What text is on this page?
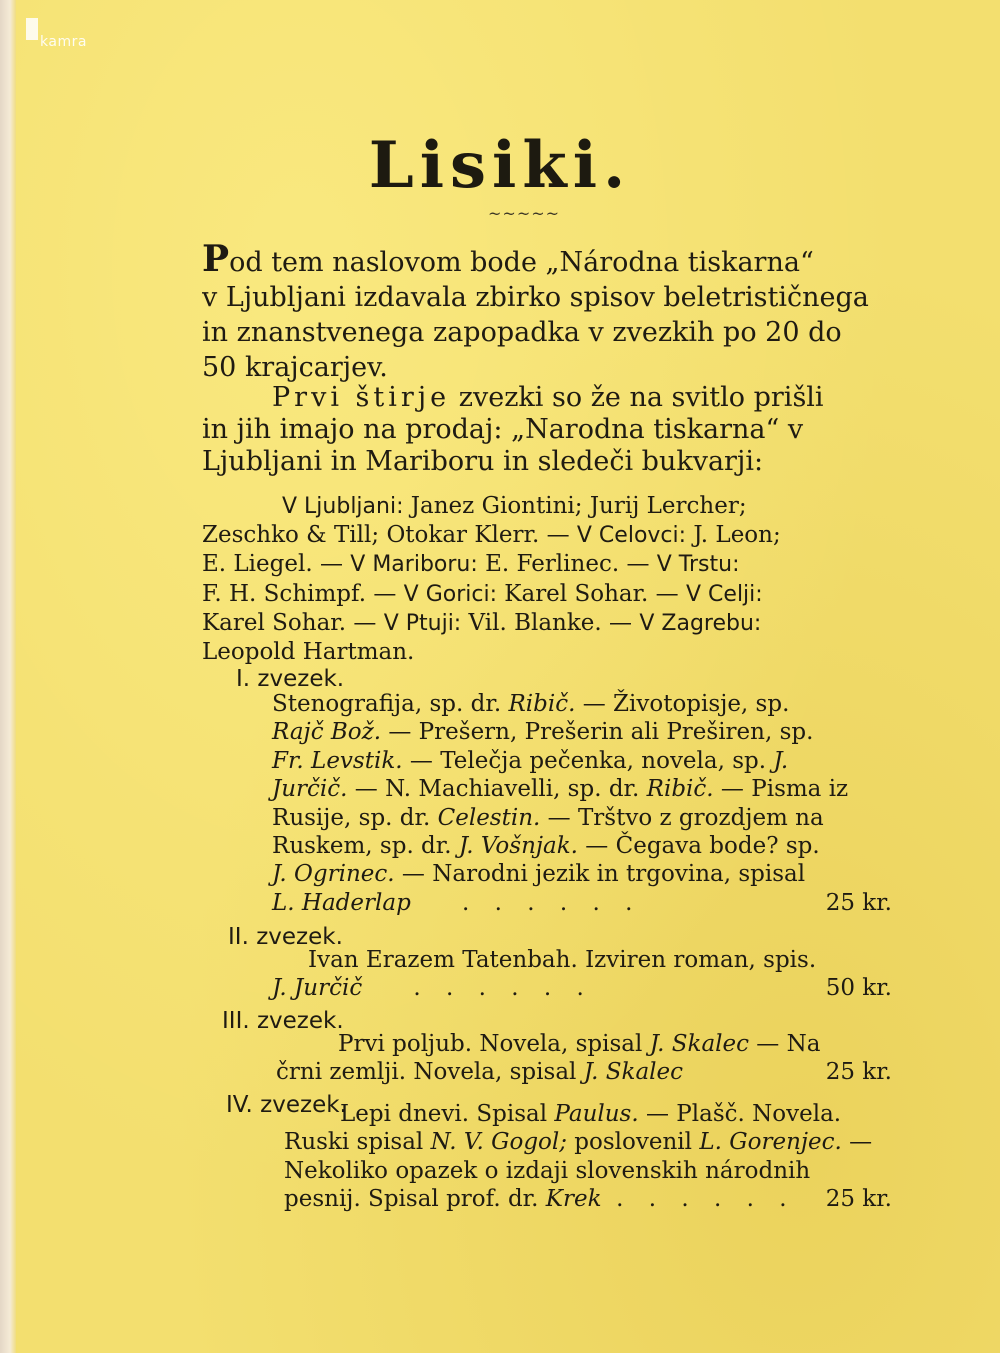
kamra
Lisiki.
~~~~~
Pod tem naslovom bode „Národna tiskarna“
v Ljubljani izdavala zbirko spisov beletrističnega
in znanstvenega zapopadka v zvezkih po 20 do
50 krajcarjev.
Prvi štirje zvezki so že na svitlo prišli
in jih imajo na prodaj: „Narodna tiskarna“ v
Ljubljani in Mariboru in sledeči bukvarji:
V Ljubljani: Janez Giontini; Jurij Lercher;
Zeschko & Till; Otokar Klerr. — V Celovci: J. Leon;
E. Liegel. — V Mariboru: E. Ferlinec. — V Trstu:
F. H. Schimpf. — V Gorici: Karel Sohar. — V Celji:
Karel Sohar. — V Ptuji: Vil. Blanke. — V Zagrebu:
Leopold Hartman.
I. zvezek.
Stenografija, sp. dr. Ribič. — Životopisje, sp.
Rajč Bož. — Prešern, Prešerin ali Preširen, sp.
Fr. Levstik. — Telečja pečenka, novela, sp. J.
Jurčič. — N. Machiavelli, sp. dr. Ribič. — Pisma iz
Rusije, sp. dr. Celestin. — Trštvo z grozdjem na
Ruskem, sp. dr. J. Vošnjak. — Čegava bode? sp.
J. Ogrinec. — Narodni jezik in trgovina, spisal
L. Haderlap . . . . . .	25 kr.
II. zvezek.
Ivan Erazem Tatenbah. Izviren roman, spis.
J. Jurčič . . . . . .	50 kr.
III. zvezek.
Prvi poljub. Novela, spisal J. Skalec — Na
črni zemlji. Novela, spisal J. Skalec	25 kr.
IV. zvezek.
Lepi dnevi. Spisal Paulus. — Plašč. Novela.
Ruski spisal N. V. Gogol; poslovenil L. Gorenjec. —
Nekoliko opazek o izdaji slovenskih národnih
pesnij. Spisal prof. dr. Krek . . . . . . 25 kr.
